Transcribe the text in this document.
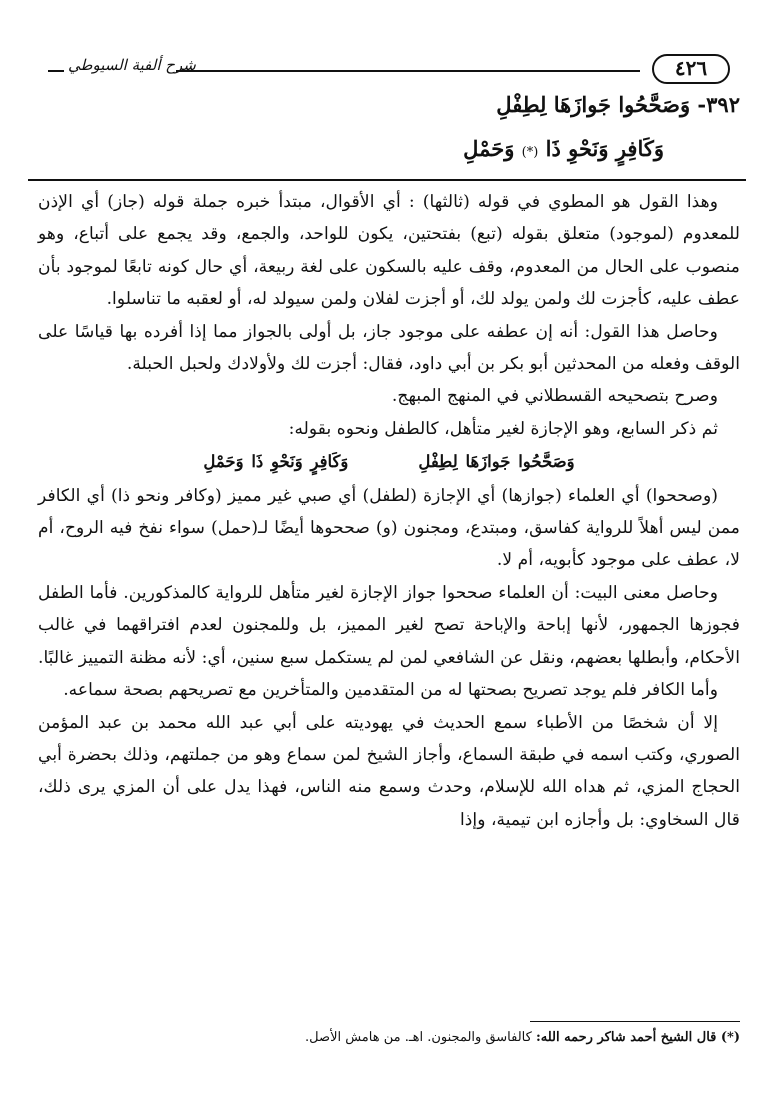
٤٢٦
شرح ألفية السيوطي
٣٩٢- وَصَحَّحُوا جَوازَهَا لِطِفْلِ
وَكَافِرٍ وَنَحْوِ ذَا (*) وَحَمْلِ

وهذا القول هو المطوي في قوله (ثالثها) : أي الأقوال، مبتدأ خبره جملة قوله (جاز) أي الإذن للمعدوم (لموجود) متعلق بقوله (تبع) بفتحتين، يكون للواحد، والجمع، وقد يجمع على أتباع، وهو منصوب على الحال من المعدوم، وقف عليه بالسكون على لغة ربيعة، أي حال كونه تابعًا لموجود بأن عطف عليه، كأجزت لك ولمن يولد لك، أو أجزت لفلان ولمن سيولد له، أو لعقبه ما تناسلوا.

وحاصل هذا القول: أنه إن عطفه على موجود جاز، بل أولى بالجواز مما إذا أفرده بها قياسًا على الوقف وفعله من المحدثين أبو بكر بن أبي داود، فقال: أجزت لك ولأولادك ولحبل الحبلة.

وصرح بتصحيحه القسطلاني في المنهج المبهج.

ثم ذكر السابع، وهو الإجازة لغير متأهل، كالطفل ونحوه بقوله:

وَصَحَّحُوا جَوازَهَا لِطِفْلِوَكَافِرٍ وَنَحْوِ ذَا وَحَمْلِ

(وصححوا) أي العلماء (جوازها) أي الإجازة (لطفل) أي صبي غير مميز (وكافر ونحو ذا) أي الكافر ممن ليس أهلاً للرواية كفاسق، ومبتدع، ومجنون (و) صححوها أيضًا لـ(حمل) سواء نفخ فيه الروح، أم لا، عطف على موجود كأبويه، أم لا.

وحاصل معنى البيت: أن العلماء صححوا جواز الإجازة لغير متأهل للرواية كالمذكورين. فأما الطفل فجوزها الجمهور، لأنها إباحة والإباحة تصح لغير المميز، بل وللمجنون لعدم افتراقهما في غالب الأحكام، وأبطلها بعضهم، ونقل عن الشافعي لمن لم يستكمل سبع سنين، أي: لأنه مظنة التمييز غالبًا.

وأما الكافر فلم يوجد تصريح بصحتها له من المتقدمين والمتأخرين مع تصريحهم بصحة سماعه.

إلا أن شخصًا من الأطباء سمع الحديث في يهوديته على أبي عبد الله محمد بن عبد المؤمن الصوري، وكتب اسمه في طبقة السماع، وأجاز الشيخ لمن سماع وهو من جملتهم، وذلك بحضرة أبي الحجاج المزي، ثم هداه الله للإسلام، وحدث وسمع منه الناس، فهذا يدل على أن المزي يرى ذلك، قال السخاوي: بل وأجازه ابن تيمية، وإذا

(*) قال الشيخ أحمد شاكر رحمه الله: كالفاسق والمجنون. اهـ. من هامش الأصل.
